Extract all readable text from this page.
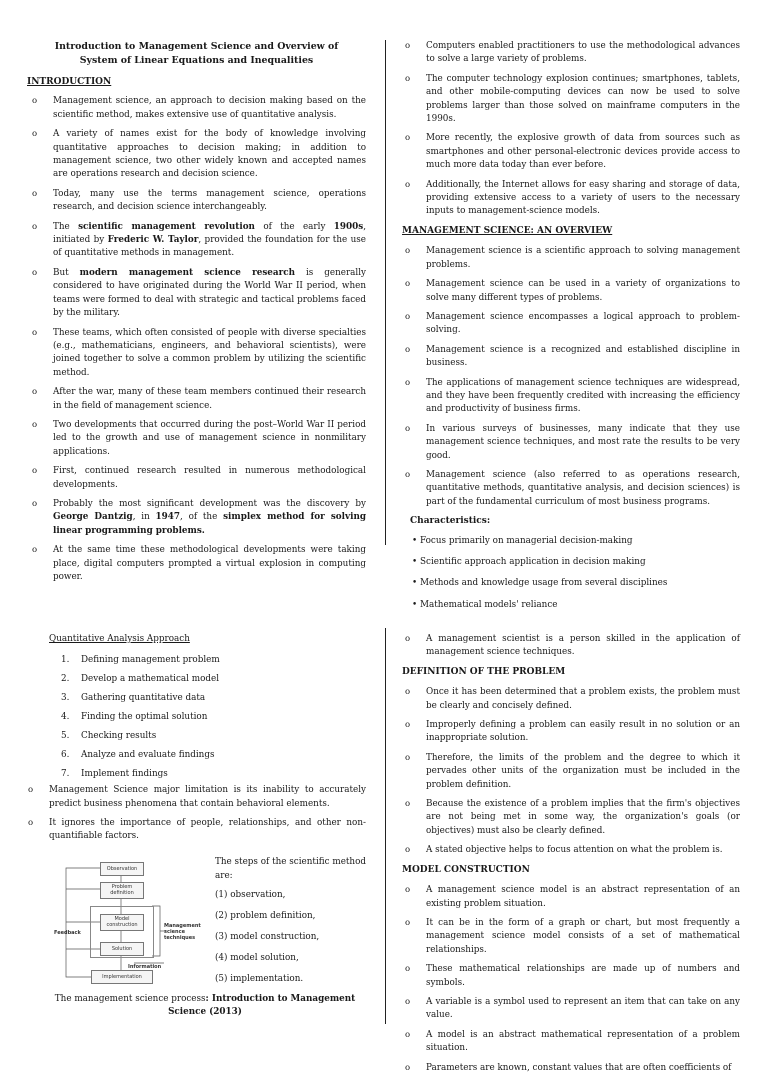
Introduction to Management Science and Overview of System of Linear Equations and Inequalities

INTRODUCTION

o Management science, an approach to decision making based on the scientific method, makes extensive use of quantitative analysis.
o A variety of names exist for the body of knowledge involving quantitative approaches to decision making; in addition to management science, two other widely known and accepted names are operations research and decision science.
o Today, many use the terms management science, operations research, and decision science interchangeably.
o The scientific management revolution of the early 1900s, initiated by Frederic W. Taylor, provided the foundation for the use of quantitative methods in management.
o But modern management science research is generally considered to have originated during the World War II period, when teams were formed to deal with strategic and tactical problems faced by the military.
o These teams, which often consisted of people with diverse specialties (e.g., mathematicians, engineers, and behavioral scientists), were joined together to solve a common problem by utilizing the scientific method.
o After the war, many of these team members continued their research in the field of management science.
o Two developments that occurred during the post–World War II period led to the growth and use of management science in nonmilitary applications.
o First, continued research resulted in numerous methodological developments.
o Probably the most significant development was the discovery by George Dantzig, in 1947, of the simplex method for solving linear programming problems.
o At the same time these methodological developments were taking place, digital computers prompted a virtual explosion in computing power.
o Computers enabled practitioners to use the methodological advances to solve a large variety of problems.
o The computer technology explosion continues; smartphones, tablets, and other mobile-computing devices can now be used to solve problems larger than those solved on mainframe computers in the 1990s.
o More recently, the explosive growth of data from sources such as smartphones and other personal-electronic devices provide access to much more data today than ever before.
o Additionally, the Internet allows for easy sharing and storage of data, providing extensive access to a variety of users to the necessary inputs to management-science models.

MANAGEMENT SCIENCE: AN OVERVIEW

o Management science is a scientific approach to solving management problems.
o Management science can be used in a variety of organizations to solve many different types of problems.
o Management science encompasses a logical approach to problem-solving.
o Management science is a recognized and established discipline in business.
o The applications of management science techniques are widespread, and they have been frequently credited with increasing the efficiency and productivity of business firms.
o In various surveys of businesses, many indicate that they use management science techniques, and most rate the results to be very good.
o Management science (also referred to as operations research, quantitative methods, quantitative analysis, and decision sciences) is part of the fundamental curriculum of most business programs.

Characteristics:

• Focus primarily on managerial decision-making
• Scientific approach application in decision making
• Methods and knowledge usage from several disciplines
• Mathematical models' reliance

Quantitative Analysis Approach

1. Defining management problem
2. Develop a mathematical model
3. Gathering quantitative data
4. Finding the optimal solution
5. Checking results
6. Analyze and evaluate findings
7. Implement findings
o Management Science major limitation is its inability to accurately predict business phenomena that contain behavioral elements.
o It ignores the importance of people, relationships, and other non-quantifiable factors.
Observation
Problem definition
Model construction
Solution
Implementation
Feedback
Management science techniques
Information

The steps of the scientific method are:

(1) observation,

(2) problem definition,

(3) model construction,

(4) model solution,

(5) implementation.

The management science process: Introduction to Management Science (2013)
o A management scientist is a person skilled in the application of management science techniques.

DEFINITION OF THE PROBLEM

o Once it has been determined that a problem exists, the problem must be clearly and concisely defined.
o Improperly defining a problem can easily result in no solution or an inappropriate solution.
o Therefore, the limits of the problem and the degree to which it pervades other units of the organization must be included in the problem definition.
o Because the existence of a problem implies that the firm's objectives are not being met in some way, the organization's goals (or objectives) must also be clearly defined.
o A stated objective helps to focus attention on what the problem is.

MODEL CONSTRUCTION

o A management science model is an abstract representation of an existing problem situation.
o It can be in the form of a graph or chart, but most frequently a management science model consists of a set of mathematical relationships.
o These mathematical relationships are made up of numbers and symbols.
o A variable is a symbol used to represent an item that can take on any value.
o A model is an abstract mathematical representation of a problem situation.
o Parameters are known, constant values that are often coefficients of
